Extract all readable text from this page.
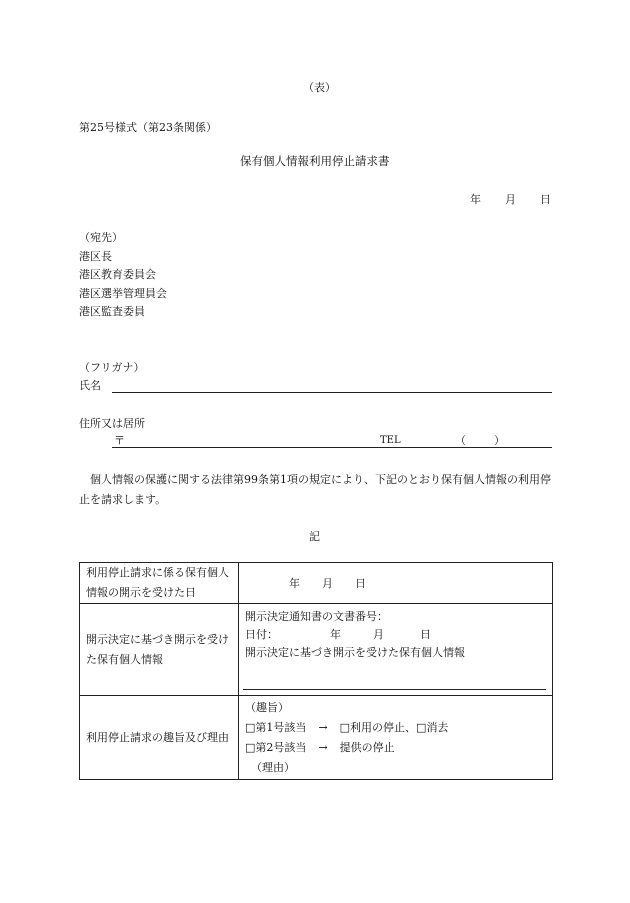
（表）
第25号様式（第23条関係）
保有個人情報利用停止請求書
年 月 日
（宛先）
港区長
港区教育委員会
港区選挙管理員会
港区監査委員
（フリガナ）
氏名
住所又は居所
〒	TEL	（	）
個人情報の保護に関する法律第99条第1項の規定により、下記のとおり保有個人情報の利用停止を請求します。
記
利用停止請求に係る保有個人情報の開示を受けた日	年 月 日
開示決定に基づき開示を受けた保有個人情報	開示決定通知書の文書番号：
日付： 年 月 日
開示決定に基づき開示を受けた保有個人情報

利用停止請求の趣旨及び理由	（趣旨）
□第1号該当 → □利用の停止、□消去
□第2号該当 → 提供の停止
（理由）
